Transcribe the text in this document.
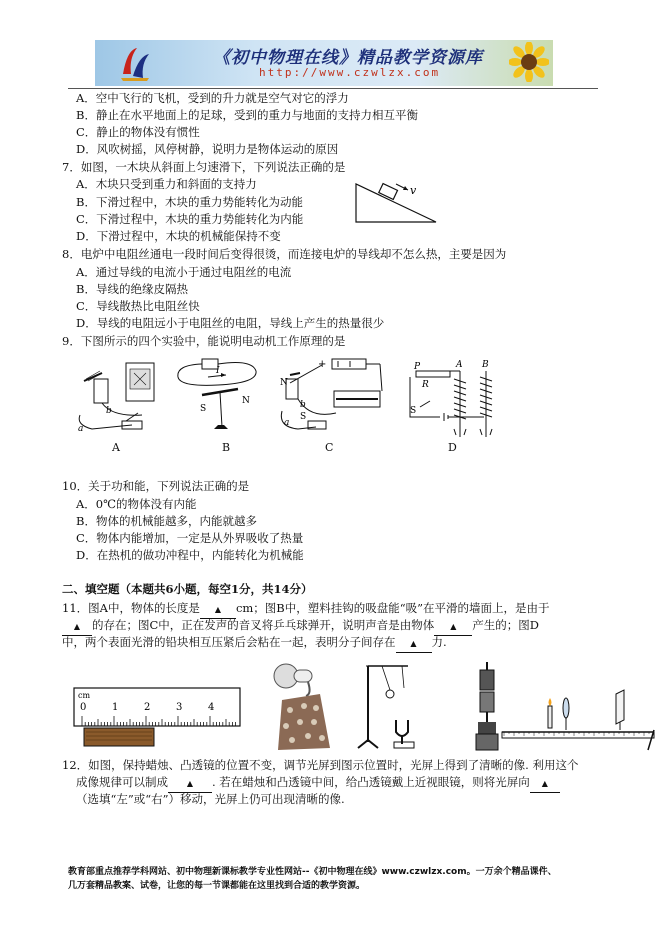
《初中物理在线》精品教学资源库
http://www.czwlzx.com
A．空中飞行的飞机，受到的升力就是空气对它的浮力
B．静止在水平地面上的足球，受到的重力与地面的支持力相互平衡
C．静止的物体没有惯性
D．风吹树摇，风停树静，说明力是物体运动的原因
7．如图，一木块从斜面上匀速滑下，下列说法正确的是
A．木块只受到重力和斜面的支持力
B．下滑过程中，木块的重力势能转化为动能
C．下滑过程中，木块的重力势能转化为内能
D．下滑过程中，木块的机械能保持不变
v
8．电炉中电阻丝通电一段时间后变得很烫，而连接电炉的导线却不怎么热，主要是因为
A．通过导线的电流小于通过电阻丝的电流
B．导线的绝缘皮隔热
C．导线散热比电阻丝快
D．导线的电阻远小于电阻丝的电阻，导线上产生的热量很少
9．下图所示的四个实验中，能说明电动机工作原理的是
a
b
I
S
N
+
N
S
a
b
P
R
S
A B
A	B	C	D
10．关于功和能，下列说法正确的是
A．0℃的物体没有内能
B．物体的机械能越多，内能就越多
C．物体内能增加，一定是从外界吸收了热量
D．在热机的做功冲程中，内能转化为机械能
二、填空题（本题共6小题，每空1分，共14分）
11．图A中，物体的长度是 ▲ cm；图B中，塑料挂钩的吸盘能“吸”在平滑的墙面上，是由于
▲ 的存在；图C中，正在发声的音叉将乒乓球弹开，说明声音是由物体 ▲ 产生的；图D
中，两个表面光滑的铅块相互压紧后会粘在一起，表明分子间存在 ▲ 力.
cm
0	1	2	3	4
12．如图，保持蜡烛、凸透镜的位置不变，调节光屏到图示位置时，光屏上得到了清晰的像. 利用这个
成像规律可以制成 ▲ . 若在蜡烛和凸透镜中间，给凸透镜戴上近视眼镜，则将光屏向 ▲
（选填“左”或“右”）移动，光屏上仍可出现清晰的像.
教育部重点推荐学科网站、初中物理新课标教学专业性网站--《初中物理在线》www.czwlzx.com。一万余个精品课件、
几万套精品教案、试卷，让您的每一节课都能在这里找到合适的教学资源。
